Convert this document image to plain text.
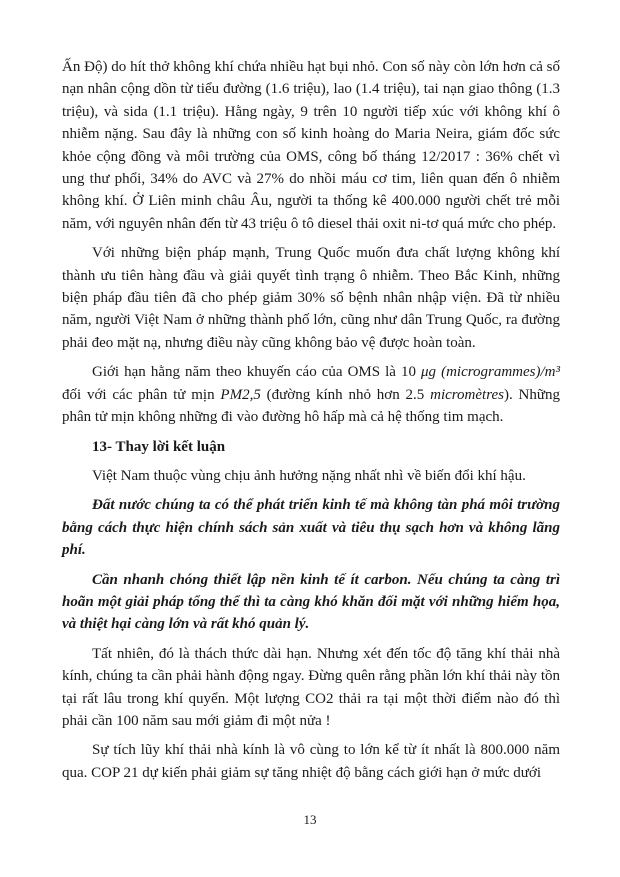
Ấn Độ) do hít thở không khí chứa nhiều hạt bụi nhỏ. Con số này còn lớn hơn cả số nạn nhân cộng dồn từ tiểu đường (1.6 triệu), lao (1.4 triệu), tai nạn giao thông (1.3 triệu), và sida (1.1 triệu). Hằng ngày, 9 trên 10 người tiếp xúc với không khí ô nhiễm nặng. Sau đây là những con số kinh hoàng do Maria Neira, giám đốc sức khỏe cộng đồng và môi trường của OMS, công bố tháng 12/2017 : 36% chết vì ung thư phổi, 34% do AVC và 27% do nhồi máu cơ tim, liên quan đến ô nhiễm không khí. Ở Liên minh châu Âu, người ta thống kê 400.000 người chết trẻ mỗi năm, với nguyên nhân đến từ 43 triệu ô tô diesel thải oxit ni-tơ quá mức cho phép.

Với những biện pháp mạnh, Trung Quốc muốn đưa chất lượng không khí thành ưu tiên hàng đầu và giải quyết tình trạng ô nhiễm. Theo Bắc Kinh, những biện pháp đầu tiên đã cho phép giảm 30% số bệnh nhân nhập viện. Đã từ nhiều năm, người Việt Nam ở những thành phố lớn, cũng như dân Trung Quốc, ra đường phải đeo mặt nạ, nhưng điều này cũng không bảo vệ được hoàn toàn.

Giới hạn hằng năm theo khuyến cáo của OMS là 10 μg (microgrammes)/m³ đối với các phân tử mịn PM2,5 (đường kính nhỏ hơn 2.5 micromètres). Những phân tử mịn không những đi vào đường hô hấp mà cả hệ thống tim mạch.

13- Thay lời kết luận

Việt Nam thuộc vùng chịu ảnh hưởng nặng nhất nhì về biến đổi khí hậu.

Đất nước chúng ta có thể phát triển kinh tế mà không tàn phá môi trường bằng cách thực hiện chính sách sản xuất và tiêu thụ sạch hơn và không lãng phí.

Cần nhanh chóng thiết lập nền kinh tế ít carbon. Nếu chúng ta càng trì hoãn một giải pháp tổng thể thì ta càng khó khăn đối mặt với những hiểm họa, và thiệt hại càng lớn và rất khó quản lý.

Tất nhiên, đó là thách thức dài hạn. Nhưng xét đến tốc độ tăng khí thải nhà kính, chúng ta cần phải hành động ngay. Đừng quên rằng phần lớn khí thải này tồn tại rất lâu trong khí quyển. Một lượng CO2 thải ra tại một thời điểm nào đó thì phải cần 100 năm sau mới giảm đi một nửa !

Sự tích lũy khí thải nhà kính là vô cùng to lớn kể từ ít nhất là 800.000 năm qua. COP 21 dự kiến phải giảm sự tăng nhiệt độ bằng cách giới hạn ở mức dưới

13
